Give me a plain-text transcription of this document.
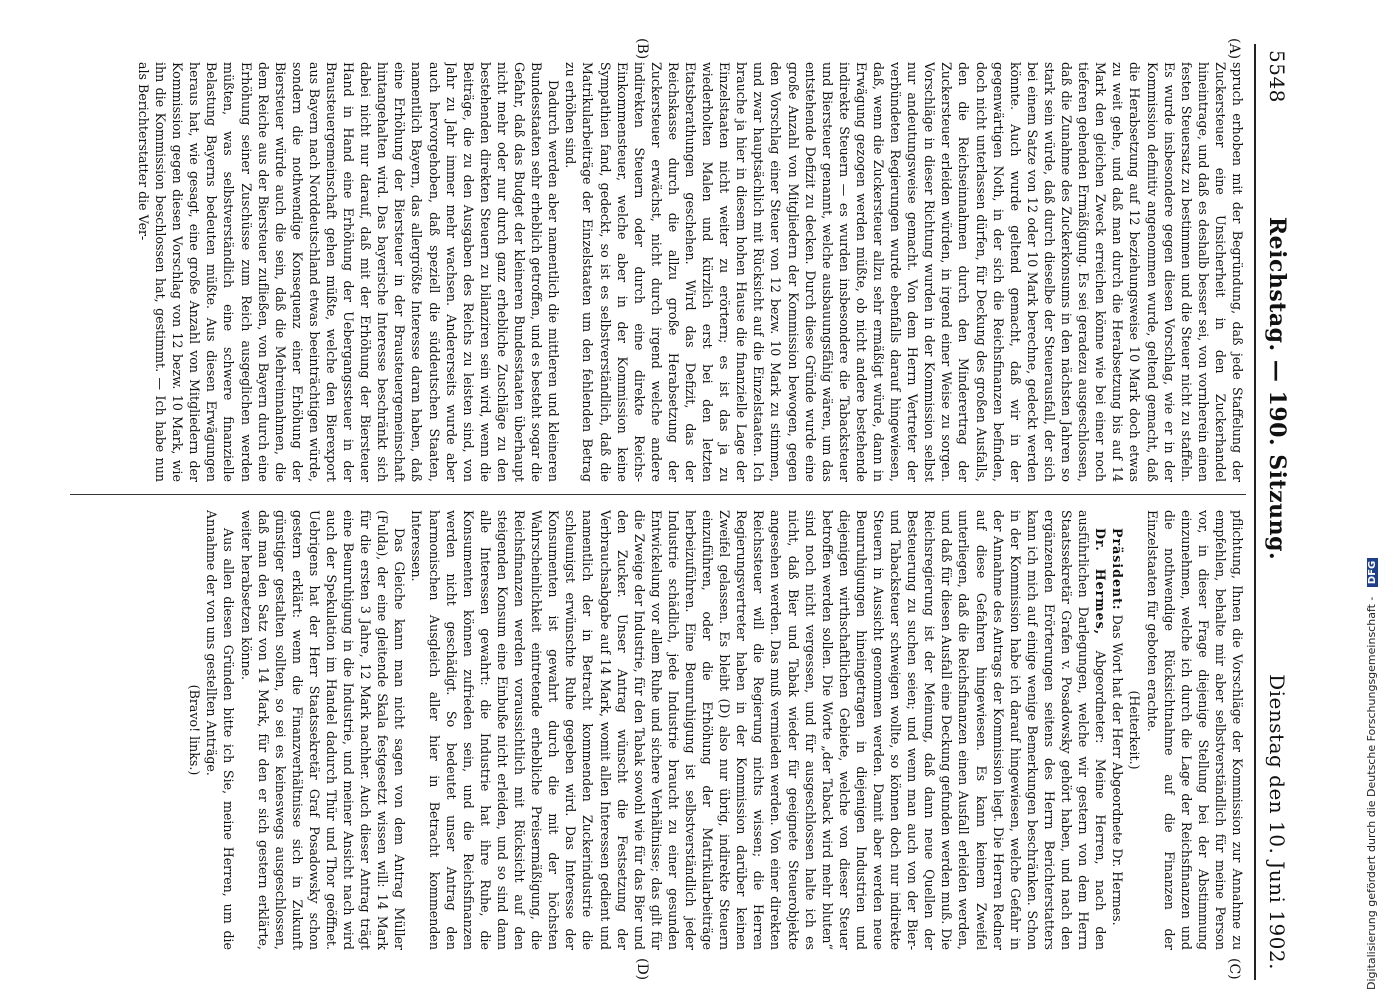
5548
Reichstag. — 190. Sitzung.
Dienstag den 10. Juni 1902.
(A)
(B)
(C)
(D)

spruch erhoben mit der Begründung, daß jede Staffelung der Zuckersteuer eine Unsicherheit in den Zuckerhandel hineintrage, und daß es deshalb besser sei, von vornherein einen festen Steuersatz zu bestimmen und die Steuer nicht zu staffeln. Es wurde insbesondere gegen diesen Vorschlag, wie er in der Kommission definitiv angenommen wurde, geltend gemacht, daß die Herabsetzung auf 12 beziehungsweise 10 Mark doch etwas zu weit gehe, und daß man durch die Herabsetzung bis auf 14 Mark den gleichen Zweck erreichen könne wie bei einer noch tieferen gehenden Ermäßigung. Es sei geradezu ausgeschlossen, daß die Zunahme des Zuckerkonsums in den nächsten Jahren so stark sein würde, daß durch dieselbe der Steuerausfall, der sich bei einem Satze von 12 oder 10 Mark berechne, gedeckt werden könnte. Auch wurde geltend gemacht, daß wir in der gegenwärtigen Noth, in der sich die Reichsfinanzen befinden, doch nicht unterlassen dürfen, für Deckung des großen Ausfalls, den die Reichseinnahmen durch den Minderertrag der Zuckersteuer erleiden würden, in irgend einer Weise zu sorgen. Vorschläge in dieser Richtung wurden in der Kommission selbst nur andeutungsweise gemacht. Von dem Herrn Vertreter der verbündeten Regierungen wurde ebenfalls darauf hingewiesen, daß, wenn die Zuckersteuer allzu sehr ermäßigt würde, dann in Erwägung gezogen werden müßte, ob nicht andere bestehende indirekte Steuern — es wurden insbesondere die Tabacksteuer und Biersteuer genannt, welche ausbauungsfähig wären, um das entstehende Defizit zu decken. Durch diese Gründe wurde eine große Anzahl von Mitgliedern der Kommission bewogen, gegen den Vorschlag einer Steuer von 12 bezw. 10 Mark zu stimmen, und zwar hauptsächlich mit Rücksicht auf die Einzelstaaten. Ich brauche ja hier in diesem hohen Hause die finanzielle Lage der Einzelstaaten nicht weiter zu erörtern; es ist das ja zu wiederholten Malen und kürzlich erst bei den letzten Etatsberathungen geschehen. Wird das Defizit, das der Reichskasse durch die allzu große Herabsetzung der Zuckersteuer erwächst, nicht durch irgend welche andere indirekten Steuern oder durch eine direkte Reichs-Einkommensteuer, welche aber in der Kommission keine Sympathien fand, gedeckt, so ist es selbstverständlich, daß die Matrikularbeiträge der Einzelstaaten um den fehlenden Betrag zu erhöhen sind.

Dadurch werden aber namentlich die mittleren und kleineren Bundesstaaten sehr erheblich getroffen, und es besteht sogar die Gefahr, daß das Budget der kleineren Bundesstaaten überhaupt nicht mehr oder nur durch ganz erhebliche Zuschläge zu den bestehenden direkten Steuern zu bilanziren sein wird, wenn die Beiträge, die zu den Ausgaben des Reichs zu leisten sind, von Jahr zu Jahr immer mehr wachsen. Andererseits wurde aber auch hervorgehoben, daß speziell die süddeutschen Staaten, namentlich Bayern, das allergrößte Interesse daran haben, daß eine Erhöhung der Biersteuer in der Brausteuergemeinschaft hintangehalten wird. Das bayerische Interesse beschränkt sich dabei nicht nur darauf, daß mit der Erhöhung der Biersteuer Hand in Hand eine Erhöhung der Uebergangssteuer in der Brausteuergemeinschaft gehen müßte, welche den Bierexport aus Bayern nach Norddeutschland etwas beeinträchtigen würde, sondern die nothwendige Konsequenz einer Erhöhung der Biersteuer würde auch die sein, daß die Mehreinnahmen, die dem Reiche aus der Biersteuer zufließen, von Bayern durch eine Erhöhung seiner Zuschüsse zum Reich ausgeglichen werden müßten, was selbstverständlich eine schwere finanzielle Belastung Bayerns bedeuten müßte. Aus diesen Erwägungen heraus hat, wie gesagt, eine große Anzahl von Mitgliedern der Kommission gegen diesen Vorschlag von 12 bezw. 10 Mark, wie ihn die Kommission beschlossen hat, gestimmt. — Ich habe nun als Berichterstatter die Ver-

pflichtung, Ihnen die Vorschläge der Kommission zur Annahme zu empfehlen, behalte mir aber selbstverständlich für meine Person vor, in dieser Frage diejenige Stellung bei der Abstimmung einzunehmen, welche ich durch die Lage der Reichsfinanzen und die nothwendige Rücksichtnahme auf die Finanzen der Einzelstaaten für geboten erachte.

(Heiterkeit.)

Präsident: Das Wort hat der Herr Abgeordnete Dr. Hermes.

Dr. Hermes, Abgeordneter: Meine Herren, nach den ausführlichen Darlegungen, welche wir gestern von dem Herrn Staatssekretär Grafen v. Posadowsky gehört haben, und nach den ergänzenden Erörterungen seitens des Herrn Berichterstatters kann ich mich auf einige wenige Bemerkungen beschränken. Schon in der Kommission habe ich darauf hingewiesen, welche Gefahr in der Annahme des Antrags der Kommission liegt. Die Herren Redner auf diese Gefahren hingewiesen. Es kann keinem Zweifel unterliegen, daß die Reichsfinanzen einen Ausfall erleiden werden, und daß für diesen Ausfall eine Deckung gefunden werden muß. Die Reichsregierung ist der Meinung, daß dann neue Quellen der Besteuerung zu suchen seien; und wenn man auch von der Bier- und Tabacksteuer schweigen wollte, so können doch nur indirekte Steuern in Aussicht genommen werden. Damit aber werden neue Beunruhigungen hineingetragen in diejenigen Industrien und diejenigen wirthschaftlichen Gebiete, welche von dieser Steuer betroffen werden sollen. Die Worte „der Taback wird mehr bluten“ sind noch nicht vergessen, und für ausgeschlossen halte ich es nicht, daß Bier und Tabak wieder für geeignete Steuerobjekte angesehen werden. Das muß vermieden werden. Von einer direkten Reichssteuer will die Regierung nichts wissen; die Herren Regierungsvertreter haben in der Kommission darüber keinen Zweifel gelassen. Es bleibt (D) also nur übrig, indirekte Steuern einzuführen, oder die Erhöhung der Matrikularbeiträge herbeizuführen. Eine Beunruhigung ist selbstverständlich jeder Industrie schädlich, jede Industrie braucht zu einer gesunden Entwickelung vor allem Ruhe und sichere Verhältnisse; das gilt für die Zweige der Industrie, für den Tabak sowohl wie für das Bier und den Zucker. Unser Antrag wünscht die Festsetzung der Verbrauchsabgabe auf 14 Mark, womit allen Interessen gedient und namentlich der in Betracht kommenden Zuckerindustrie die schleunigst erwünschte Ruhe gegeben wird. Das Interesse der Konsumenten ist gewahrt durch die mit der höchsten Wahrscheinlichkeit eintretende erhebliche Preisermäßigung, die Reichsfinanzen werden voraussichtlich mit Rücksicht auf den steigenden Konsum eine Einbuße nicht erleiden, und so sind dann alle Interessen gewahrt: die Industrie hat ihre Ruhe, die Konsumenten können zufrieden sein, und die Reichsfinanzen werden nicht geschädigt. So bedeutet unser Antrag den harmonischen Ausgleich aller hier in Betracht kommenden Interessen.

Das Gleiche kann man nicht sagen von dem Antrag Müller (Fulda), der eine gleitende Skala festgesetzt wissen will: 14 Mark für die ersten 3 Jahre, 12 Mark nachher. Auch dieser Antrag trägt eine Beunruhigung in die Industrie, und meiner Ansicht nach wird auch der Spekulation im Handel dadurch Thür und Thor geöffnet. Uebrigens hat der Herr Staatssekretär Graf Posadowsky schon gestern erklärt: wenn die Finanzverhältnisse sich in Zukunft günstiger gestalten sollten, so sei es keineswegs ausgeschlossen, daß man den Satz von 14 Mark, für den er sich gestern erklärte, weiter herabsetzen könne.

Aus allen diesen Gründen bitte ich Sie, meine Herren, um die Annahme der von uns gestellten Anträge.

(Bravo! links.)	Digitalisierung gefördert durch die Deutsche Forschungsgemeinschaft - DFG
